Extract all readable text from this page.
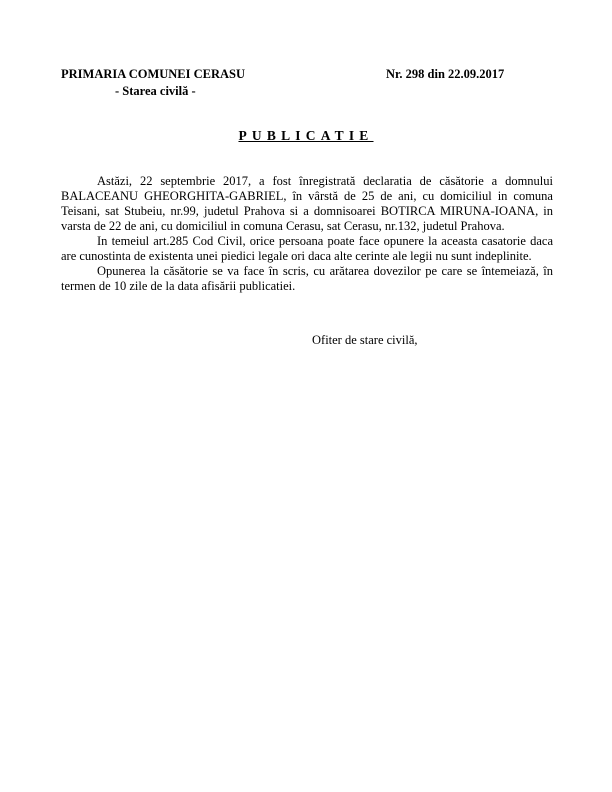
PRIMARIA COMUNEI CERASU
- Starea civilă -
Nr. 298 din 22.09.2017
PUBLICATIE

Astăzi, 22 septembrie 2017, a fost înregistrată declaratia de căsătorie a domnului BALACEANU GHEORGHITA-GABRIEL, în vârstă de 25 de ani, cu domiciliul in comuna Teisani, sat Stubeiu, nr.99, judetul Prahova si a domnisoarei BOTIRCA MIRUNA-IOANA, in varsta de 22 de ani, cu domiciliul in comuna Cerasu, sat Cerasu, nr.132, judetul Prahova.

In temeiul art.285 Cod Civil, orice persoana poate face opunere la aceasta casatorie daca are cunostinta de existenta unei piedici legale ori daca alte cerinte ale legii nu sunt indeplinite.

Opunerea la căsătorie se va face în scris, cu arătarea dovezilor pe care se întemeiază, în termen de 10 zile de la data afisării publicatiei.

Ofiter de stare civilă,
